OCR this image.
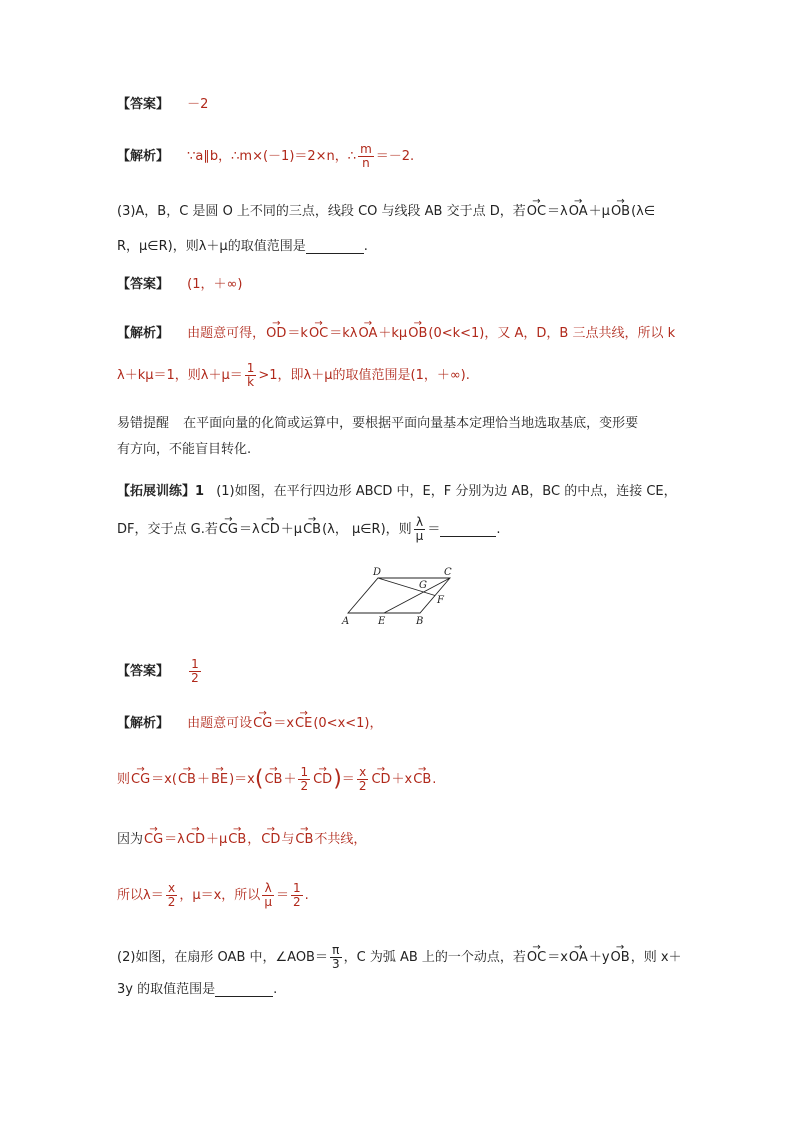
【答案】 －2
【解析】 ∵a∥b，∴m×(－1)＝2×n，∴ $\frac{m}{n} =-2$.
(3)A，B，C 是圆 O 上不同的三点，线段 CO 与线段 AB 交于点 D，若→ OC＝λ→ OA＋μ→ OB(λ∈
R，μ∈R)，则λ＋μ的取值范围是	.
【答案】 (1，＋∞)
【解析】 由题意可得，→ OD＝k→ OC＝kλ→ OA＋kμ→ OB(0<k<1)，又 A，D，B 三点共线，所以 k
λ＋kμ＝1，则$\lambda+\mu= \frac{1}{k} >1$，即λ＋μ的取值范围是(1，＋∞).
易错提醒 在平面向量的化简或运算中，要根据平面向量基本定理恰当地选取基底，变形要
有方向，不能盲目转化.
【拓展训练】1 (1)如图，在平行四边形 ABCD 中，E，F 分别为边 AB，BC 的中点，连接 CE，
DF，交于点 G.若→ CG＝λ→ CD＋μ→ CB(λ， μ∈R)，则 $\frac{\lambda}{\mu}$ ＝	.
A	E	B
C
D
F
G
【答案】 $\frac{1}{2}$
【解析】 由题意可设→ CG＝x→ CE(0<x<1)，
则→ $CG=x(\to CB+\to BE)=x(\to CB+ \frac{1}{2}$
→ $CD)= \frac{x}{2}$
→ CD＋x→ CB.
因为→ CG＝λ→ CD＋μ→ CB，→ CD与→ CB不共线，
所以$\lambda= \frac{x}{2}$ ，μ＝x，所以 $\frac{\lambda}{\mu} = \frac{1}{2}$ .
(2)如图，在扇形 OAB 中，∠AOB＝ $\frac{\pi}{3}$ ，C 为弧 AB 上的一个动点，若→ OC＝x→ OA＋y→ OB，则 x＋
3y 的取值范围是	.
